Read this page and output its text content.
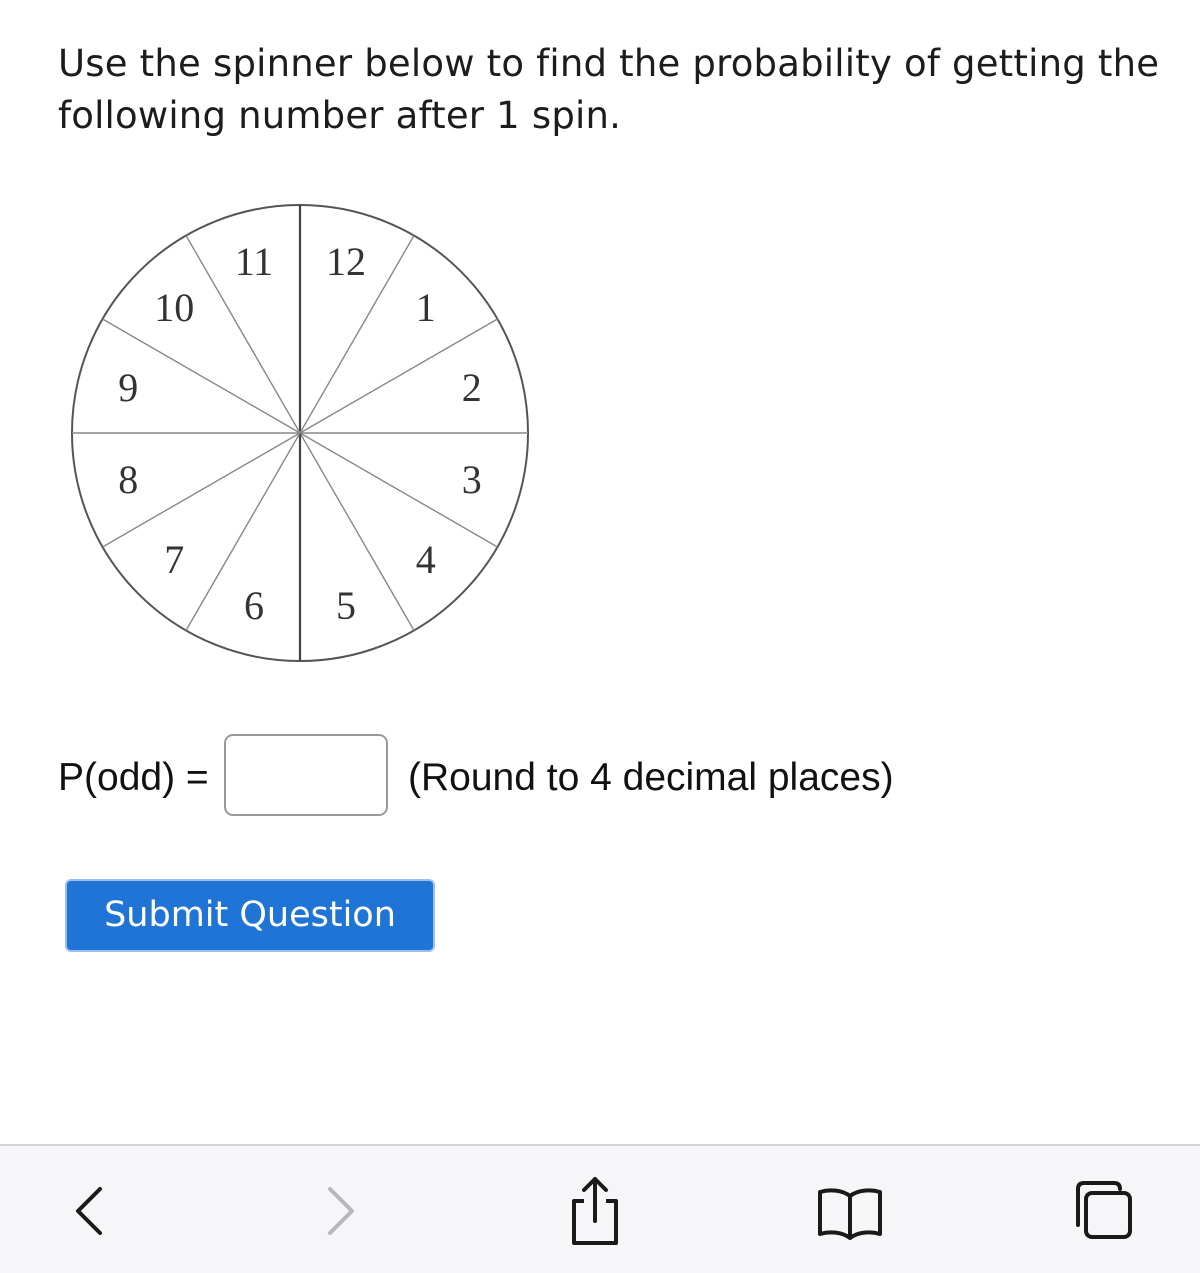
Use the spinner below to find the probability of getting the following number after 1 spin.

12
1
2
3
4
5
6
7
8
9
10
11
P(odd) =	(Round to 4 decimal places)
Submit Question
